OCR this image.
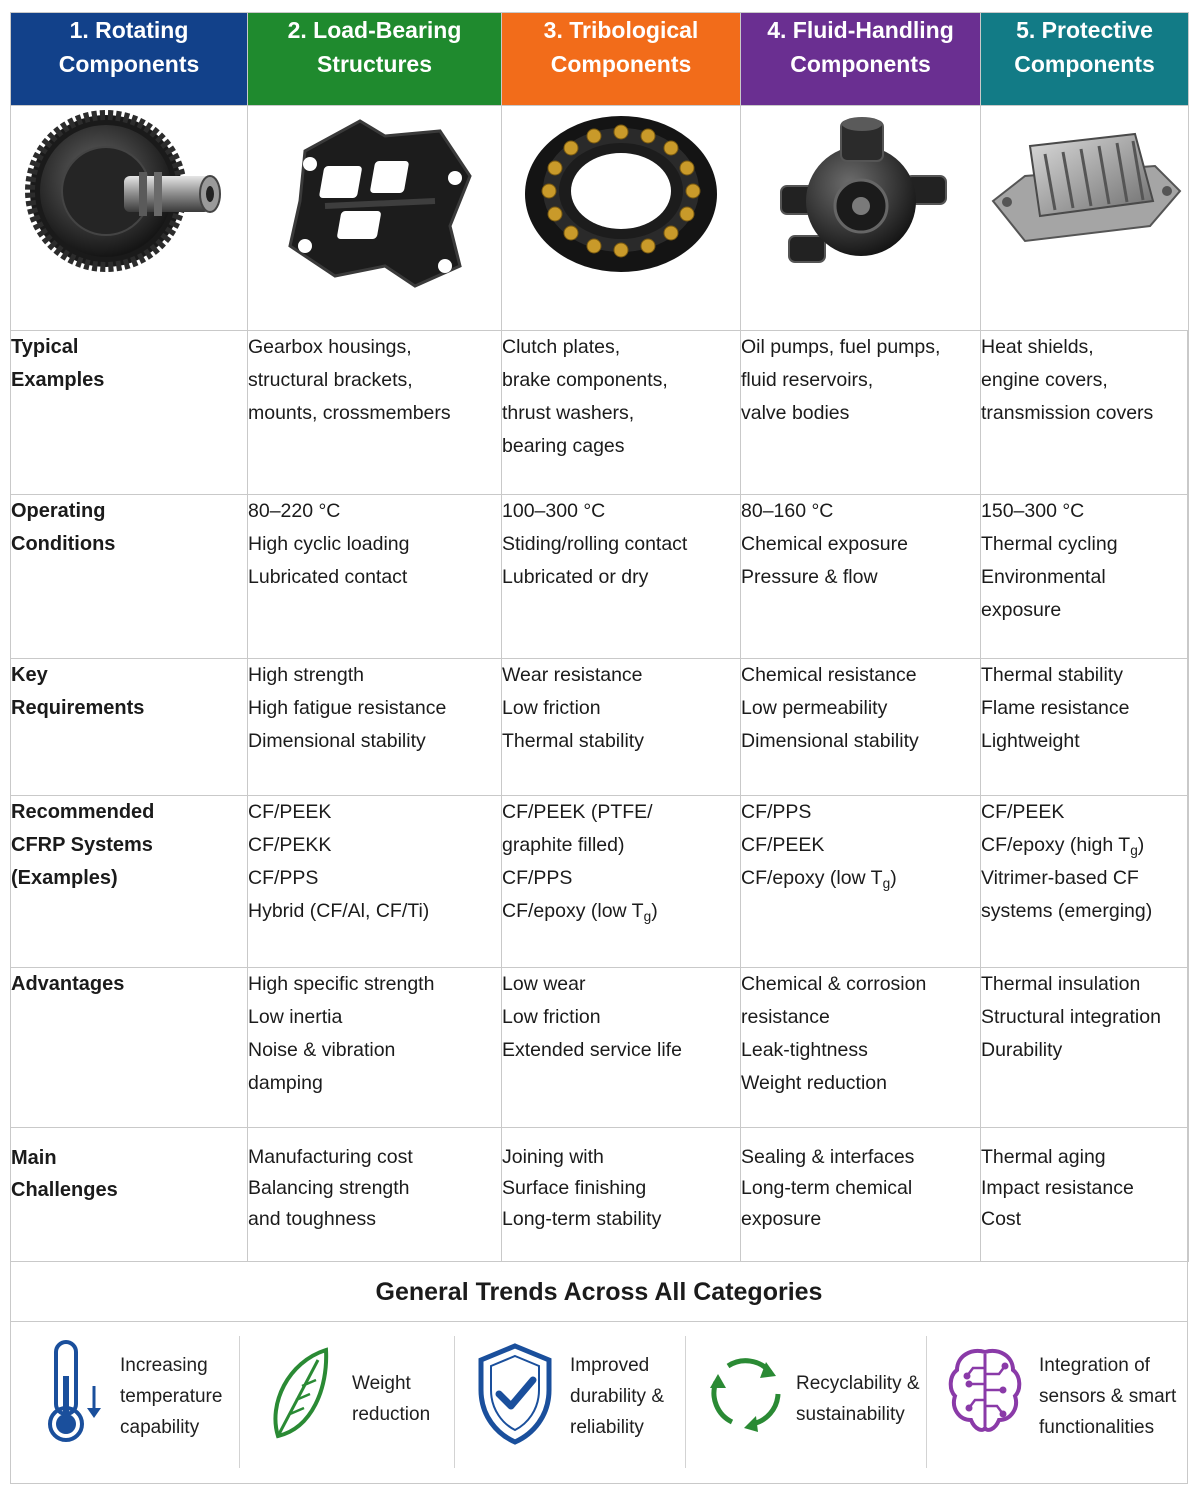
1. Rotating
Components	2. Load-Bearing
Structures	3. Tribological
Components	4. Fluid-Handling
Components	5. Protective
Components

Typical
Examples	Gearbox housings,
structural brackets,
mounts, crossmembers	Clutch plates,
brake components,
thrust washers,
bearing cages	Oil pumps, fuel pumps,
fluid reservoirs,
valve bodies	Heat shields,
engine covers,
transmission covers

Operating
Conditions	80–220 °C
High cyclic loading
Lubricated contact	100–300 °C
Stiding/rolling contact
Lubricated or dry	80–160 °C
Chemical exposure
Pressure & flow	150–300 °C
Thermal cycling
Environmental
exposure

Key
Requirements	High strength
High fatigue resistance
Dimensional stability	Wear resistance
Low friction
Thermal stability	Chemical resistance
Low permeability
Dimensional stability	Thermal stability
Flame resistance
Lightweight

Recommended
CFRP Systems
(Examples)	CF/PEEK
CF/PEKK
CF/PPS
Hybrid (CF/Al, CF/Ti)	CF/PEEK (PTFE/
graphite filled)
CF/PPS
CF/epoxy (low $T_g$)	CF/PPS
CF/PEEK
CF/epoxy (low $T_g$)	CF/PEEK
CF/epoxy (high $T_g$)
Vitrimer-based CF
systems (emerging)

Advantages	High specific strength
Low inertia
Noise & vibration
damping	Low wear
Low friction
Extended service life	Chemical & corrosion
resistance
Leak-tightness
Weight reduction	Thermal insulation
Structural integration
Durability

Main
Challenges	Manufacturing cost
Balancing strength
and toughness	Joining with
Surface finishing
Long-term stability	Sealing & interfaces
Long-term chemical
exposure	Thermal aging
Impact resistance
Cost
General Trends Across All Categories
Increasing
temperature
capability
Weight
reduction
Improved
durability &
reliability
Recyclability &
sustainability
Integration of
sensors & smart
functionalities
